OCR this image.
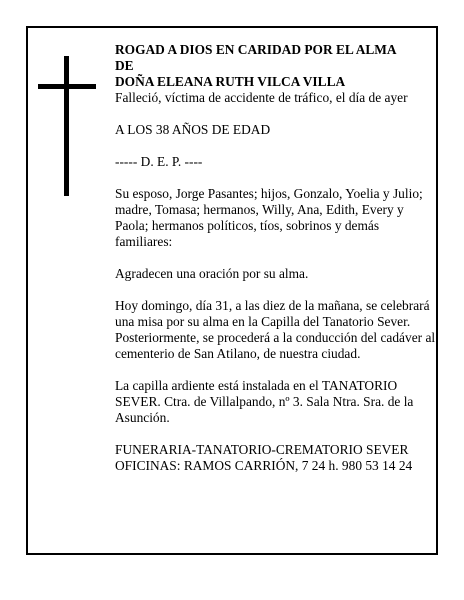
ROGAD A DIOS EN CARIDAD POR EL ALMA

DE

DOÑA ELEANA RUTH VILCA VILLA

Falleció, víctima de accidente de tráfico, el día de ayer

A LOS 38 AÑOS DE EDAD

----- D. E. P. ----

Su esposo, Jorge Pasantes; hijos, Gonzalo, Yoelia y Julio; madre, Tomasa; hermanos, Willy, Ana, Edith, Every y Paola; hermanos políticos, tíos, sobrinos y demás familiares:

Agradecen una oración por su alma.

Hoy domingo, día 31, a las diez de la mañana, se celebrará una misa por su alma en la Capilla del Tanatorio Sever. Posteriormente, se procederá a la conducción del cadáver al cementerio de San Atilano, de nuestra ciudad.

La capilla ardiente está instalada en el TANATORIO SEVER. Ctra. de Villalpando, nº 3. Sala Ntra. Sra. de la Asunción.

FUNERARIA-TANATORIO-CREMATORIO SEVER

OFICINAS: RAMOS CARRIÓN, 7 24 h. 980 53 14 24
